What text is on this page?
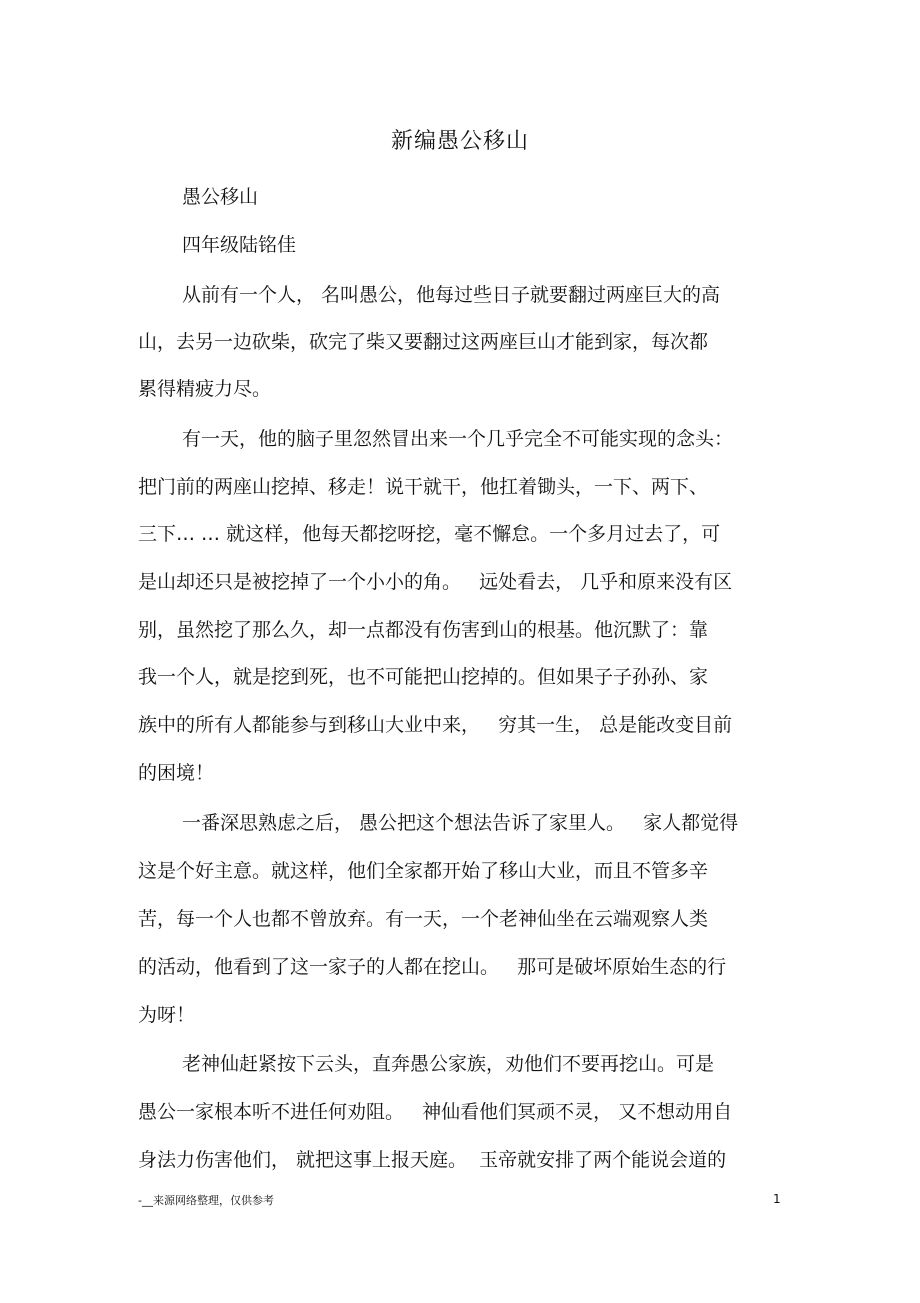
新编愚公移山
愚公移山
四年级陆铭佳
从前有一个人， 名叫愚公，他每过些日子就要翻过两座巨大的高
山，去另一边砍柴，砍完了柴又要翻过这两座巨山才能到家，每次都
累得精疲力尽。
有一天，他的脑子里忽然冒出来一个几乎完全不可能实现的念头：
把门前的两座山挖掉、移走！说干就干，他扛着锄头，一下、两下、
三下… … 就这样，他每天都挖呀挖，毫不懈怠。一个多月过去了，可
是山却还只是被挖掉了一个小小的角。   远处看去， 几乎和原来没有区
别，虽然挖了那么久，却一点都没有伤害到山的根基。他沉默了：靠
我一个人，就是挖到死，也不可能把山挖掉的。但如果子子孙孙、家
族中的所有人都能参与到移山大业中来，   穷其一生， 总是能改变目前
的困境！
一番深思熟虑之后， 愚公把这个想法告诉了家里人。   家人都觉得
这是个好主意。就这样，他们全家都开始了移山大业，而且不管多辛
苦，每一个人也都不曾放弃。有一天，一个老神仙坐在云端观察人类
的活动，他看到了这一家子的人都在挖山。   那可是破坏原始生态的行
为呀！
老神仙赶紧按下云头，直奔愚公家族，劝他们不要再挖山。可是
愚公一家根本听不进任何劝阻。   神仙看他们冥顽不灵， 又不想动用自
身法力伤害他们， 就把这事上报天庭。  玉帝就安排了两个能说会道的
-__来源网络整理，仅供参考	1
